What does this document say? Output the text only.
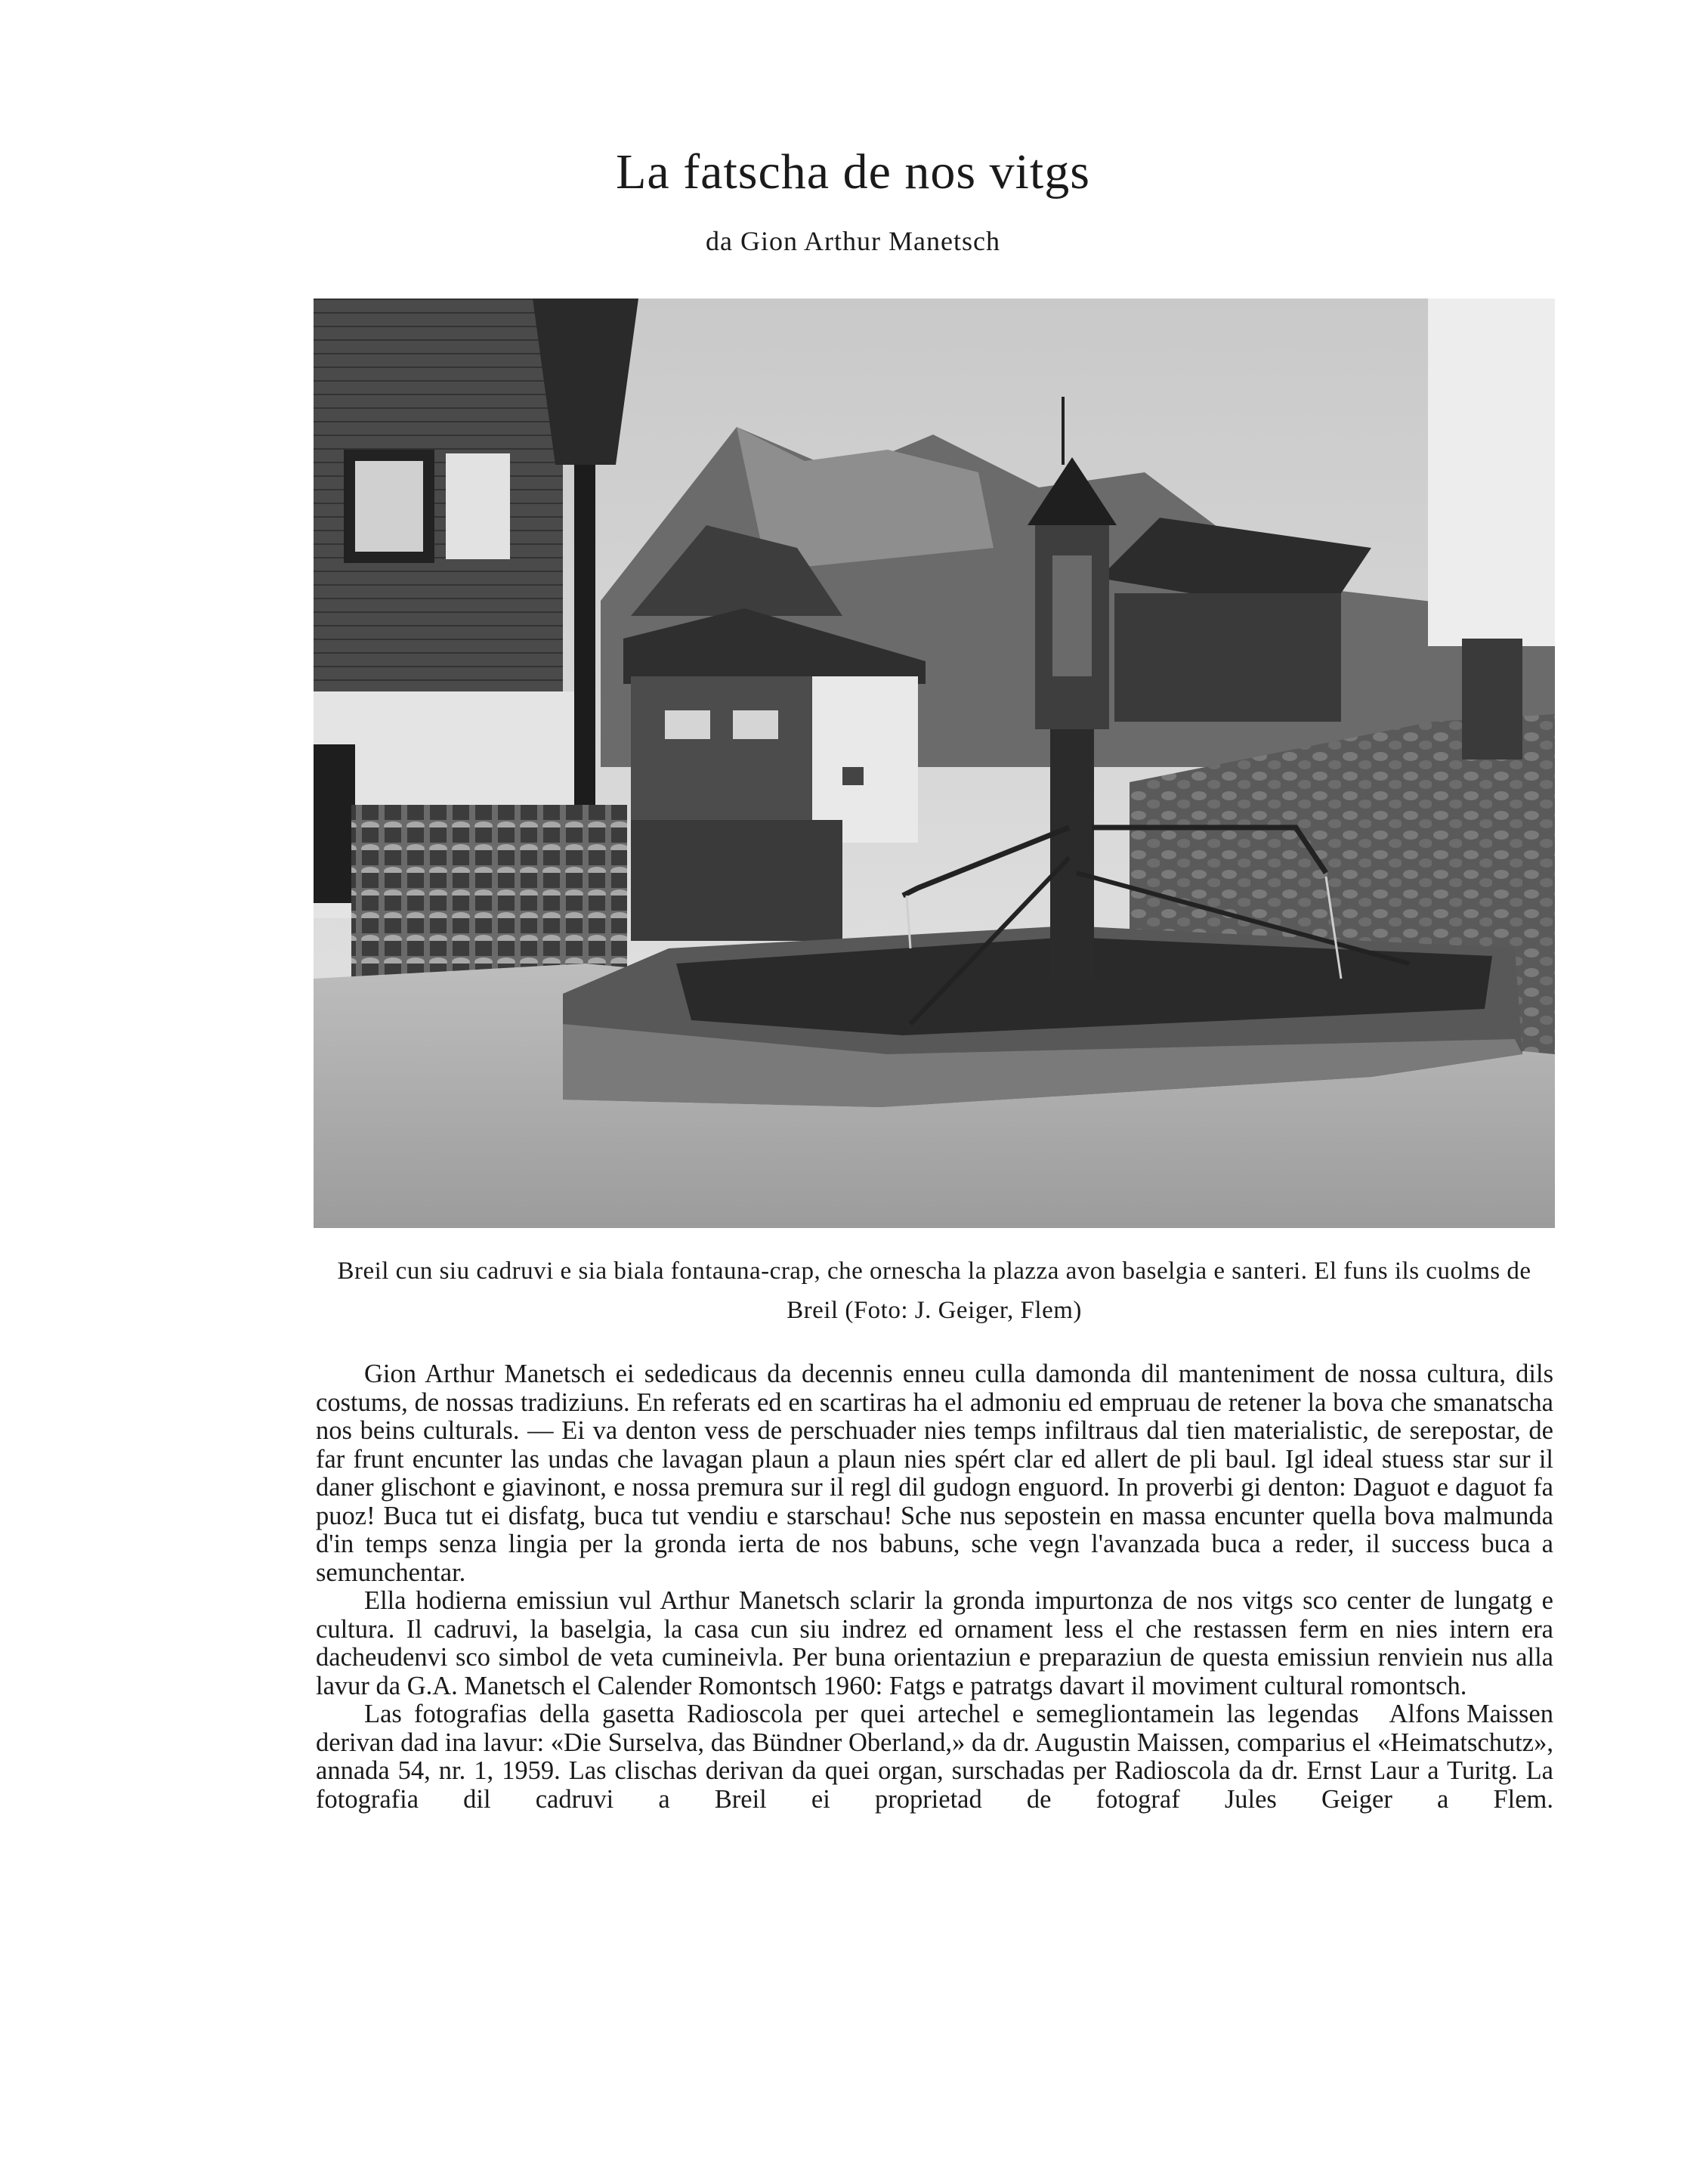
La fatscha de nos vitgs
da Gion Arthur Manetsch
Breil cun siu cadruvi e sia biala fontauna-crap, che ornescha la plazza avon baselgia e santeri. El funs ils cuolms de Breil (Foto: J. Geiger, Flem)

Gion Arthur Manetsch ei sededicaus da decennis enneu culla damonda dil manteniment de nossa cultura, dils costums, de nossas tradiziuns. En referats ed en scartiras ha el admoniu ed empruau de retener la bova che smanatscha nos beins culturals. — Ei va denton vess de perschuader nies temps infiltraus dal tien materialistic, de serepostar, de far frunt encunter las undas che lavagan plaun a plaun nies spért clar ed allert de pli baul. Igl ideal stuess star sur il daner glischont e giavinont, e nossa premura sur il regl dil gudogn enguord. In proverbi gi denton: Daguot e daguot fa puoz! Buca tut ei disfatg, buca tut vendiu e starschau! Sche nus sepostein en massa encunter quella bova malmunda d'in temps senza lingia per la gronda ierta de nos babuns, sche vegn l'avanzada buca a reder, il success buca a semunchentar.

Ella hodierna emissiun vul Arthur Manetsch sclarir la gronda impurtonza de nos vitgs sco center de lungatg e cultura. Il cadruvi, la baselgia, la casa cun siu indrez ed ornament less el che restassen ferm en nies intern era dacheudenvi sco simbol de veta cumineivla. Per buna orientaziun e preparaziun de questa emissiun renviein nus alla lavur da G.A. Manetsch el Calender Romontsch 1960: Fatgs e patratgs davart il moviment cultural romontsch.

Alfons Maissen
Las fotografias della gasetta Radioscola per quei artechel e semegliontamein las legendas derivan dad ina lavur: «Die Surselva, das Bündner Oberland,» da dr. Augustin Maissen, comparius el «Heimatschutz», annada 54, nr. 1, 1959. Las clischas derivan da quei organ, surschadas per Radioscola da dr. Ernst Laur a Turitg. La fotografia dil cadruvi a Breil ei proprietad de fotograf Jules Geiger a Flem.
